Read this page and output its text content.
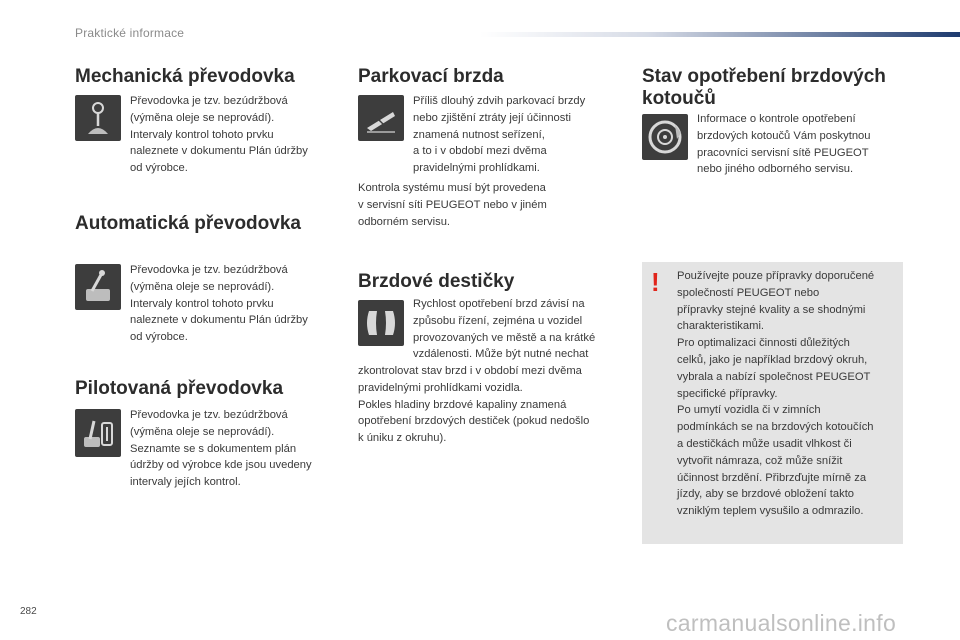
Praktické informace
Mechanická převodovka

Převodovka je tzv. bezúdržbová
(výměna oleje se neprovádí).
Intervaly kontrol tohoto prvku
naleznete v dokumentu Plán údržby
od výrobce.

Automatická převodovka

Převodovka je tzv. bezúdržbová
(výměna oleje se neprovádí).
Intervaly kontrol tohoto prvku
naleznete v dokumentu Plán údržby
od výrobce.

Pilotovaná převodovka

Převodovka je tzv. bezúdržbová
(výměna oleje se neprovádí).
Seznamte se s dokumentem plán
údržby od výrobce kde jsou uvedeny
intervaly jejích kontrol.

Parkovací brzda

Příliš dlouhý zdvih parkovací brzdy
nebo zjištění ztráty její účinnosti
znamená nutnost seřízení,
a to i v období mezi dvěma
pravidelnými prohlídkami.

Kontrola systému musí být provedena
v servisní síti PEUGEOT nebo v jiném
odborném servisu.

Brzdové destičky

Rychlost opotřebení brzd závisí na
způsobu řízení, zejména u vozidel
provozovaných ve městě a na krátké
vzdálenosti. Může být nutné nechat

zkontrolovat stav brzd i v období mezi dvěma
pravidelnými prohlídkami vozidla.
Pokles hladiny brzdové kapaliny znamená
opotřebení brzdových destiček (pokud nedošlo
k úniku z okruhu).

Stav opotřebení brzdových
kotoučů

Informace o kontrole opotřebení
brzdových kotoučů Vám poskytnou
pracovníci servisní sítě PEUGEOT
nebo jiného odborného servisu.

! Používejte pouze přípravky doporučené
společností PEUGEOT nebo
přípravky stejné kvality a se shodnými
charakteristikami.
Pro optimalizaci činnosti důležitých
celků, jako je například brzdový okruh,
vybrala a nabízí společnost PEUGEOT
specifické přípravky.
Po umytí vozidla či v zimních
podmínkách se na brzdových kotoučích
a destičkách může usadit vlhkost či
vytvořit námraza, což může snížit
účinnost brzdění. Přibrzďujte mírně za
jízdy, aby se brzdové obložení takto
vzniklým teplem vysušilo a odmrazilo.

282	carmanualsonline.info
